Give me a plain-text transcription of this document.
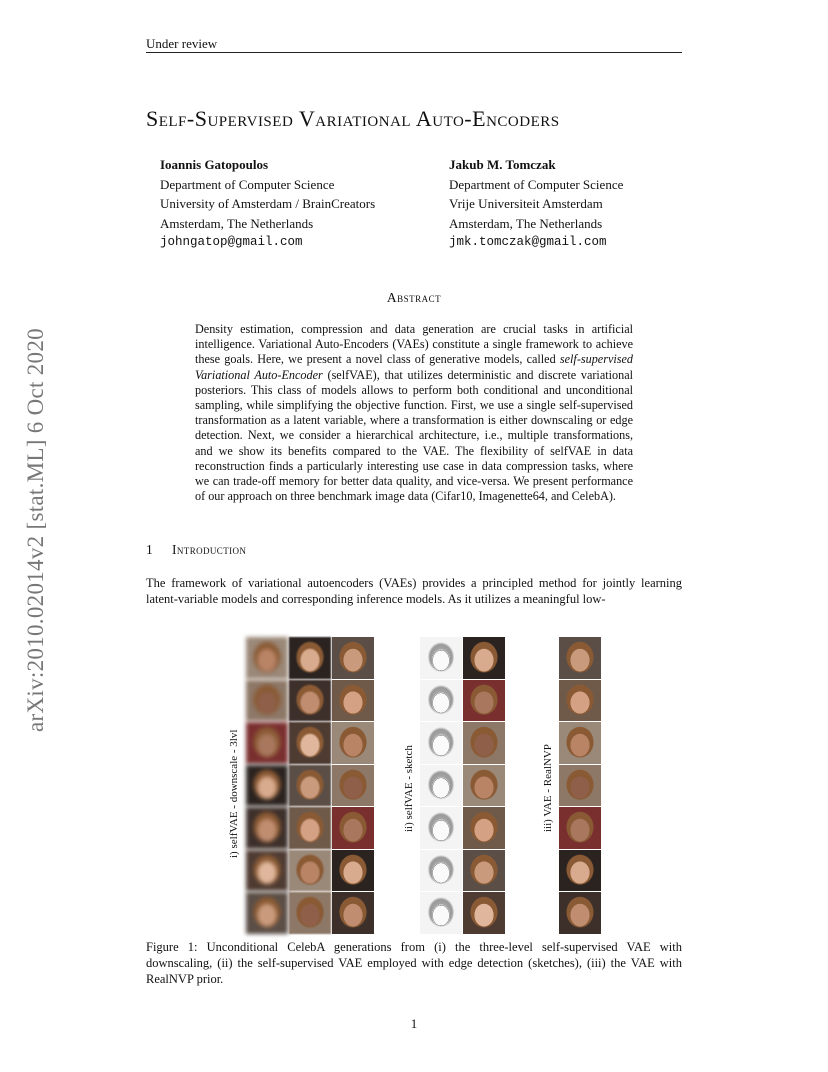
Under review
arXiv:2010.02014v2 [stat.ML] 6 Oct 2020
Self-Supervised Variational Auto-Encoders
Ioannis Gatopoulos
Department of Computer Science
University of Amsterdam / BrainCreators
Amsterdam, The Netherlands
johngatop@gmail.com
Jakub M. Tomczak
Department of Computer Science
Vrije Universiteit Amsterdam
Amsterdam, The Netherlands
jmk.tomczak@gmail.com
Abstract
Density estimation, compression and data generation are crucial tasks in artificial intelligence. Variational Auto-Encoders (VAEs) constitute a single framework to achieve these goals. Here, we present a novel class of generative models, called self-supervised Variational Auto-Encoder (selfVAE), that utilizes deterministic and discrete variational posteriors. This class of models allows to perform both conditional and unconditional sampling, while simplifying the objective function. First, we use a single self-supervised transformation as a latent variable, where a transformation is either downscaling or edge detection. Next, we consider a hierarchical architecture, i.e., multiple transformations, and we show its benefits compared to the VAE. The flexibility of selfVAE in data reconstruction finds a particularly interesting use case in data compression tasks, where we can trade-off memory for better data quality, and vice-versa. We present performance of our approach on three benchmark image data (Cifar10, Imagenette64, and CelebA).
1 Introduction
The framework of variational autoencoders (VAEs) provides a principled method for jointly learning latent-variable models and corresponding inference models. As it utilizes a meaningful low-
i) selfVAE - downscale - 3lvl	ii) selfVAE - sketch	iii) VAE - RealNVP
Figure 1: Unconditional CelebA generations from (i) the three-level self-supervised VAE with downscaling, (ii) the self-supervised VAE employed with edge detection (sketches), (iii) the VAE with RealNVP prior.
1
